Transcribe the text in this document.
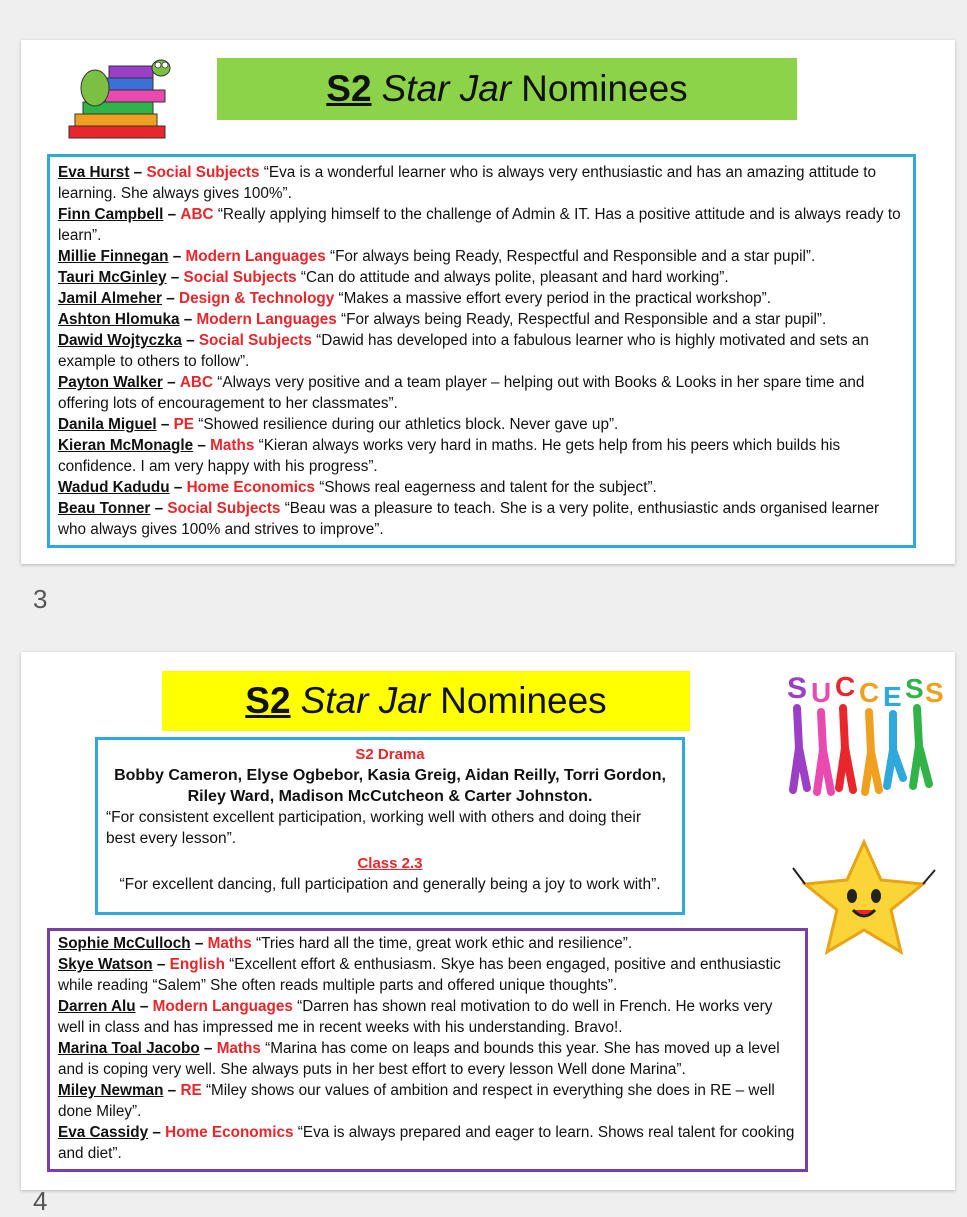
S2 Star Jar Nominees
Eva Hurst – Social Subjects “Eva is a wonderful learner who is always very enthusiastic and has an amazing attitude to learning. She always gives 100%”.
Finn Campbell – ABC “Really applying himself to the challenge of Admin & IT. Has a positive attitude and is always ready to learn”.
Millie Finnegan – Modern Languages “For always being Ready, Respectful and Responsible and a star pupil”.
Tauri McGinley – Social Subjects “Can do attitude and always polite, pleasant and hard working”.
Jamil Almeher – Design & Technology “Makes a massive effort every period in the practical workshop”.
Ashton Hlomuka – Modern Languages “For always being Ready, Respectful and Responsible and a star pupil”.
Dawid Wojtyczka – Social Subjects “Dawid has developed into a fabulous learner who is highly motivated and sets an example to others to follow”.
Payton Walker – ABC “Always very positive and a team player – helping out with Books & Looks in her spare time and offering lots of encouragement to her classmates”.
Danila Miguel – PE “Showed resilience during our athletics block. Never gave up”.
Kieran McMonagle – Maths “Kieran always works very hard in maths. He gets help from his peers which builds his confidence. I am very happy with his progress”.
Wadud Kadudu – Home Economics “Shows real eagerness and talent for the subject”.
Beau Tonner – Social Subjects “Beau was a pleasure to teach. She is a very polite, enthusiastic ands organised learner who always gives 100% and strives to improve”.
3
S2 Star Jar Nominees	S U C C E S S
S2 Drama
Bobby Cameron, Elyse Ogbebor, Kasia Greig, Aidan Reilly, Torri Gordon, Riley Ward, Madison McCutcheon & Carter Johnston.
“For consistent excellent participation, working well with others and doing their best every lesson”.
Class 2.3
“For excellent dancing, full participation and generally being a joy to work with”.
Sophie McCulloch – Maths “Tries hard all the time, great work ethic and resilience”.
Skye Watson – English “Excellent effort & enthusiasm. Skye has been engaged, positive and enthusiastic while reading “Salem” She often reads multiple parts and offered unique thoughts”.
Darren Alu – Modern Languages “Darren has shown real motivation to do well in French. He works very well in class and has impressed me in recent weeks with his understanding. Bravo!.
Marina Toal Jacobo – Maths “Marina has come on leaps and bounds this year. She has moved up a level and is coping very well. She always puts in her best effort to every lesson Well done Marina”.
Miley Newman – RE “Miley shows our values of ambition and respect in everything she does in RE – well done Miley”.
Eva Cassidy – Home Economics “Eva is always prepared and eager to learn. Shows real talent for cooking and diet”.
4
